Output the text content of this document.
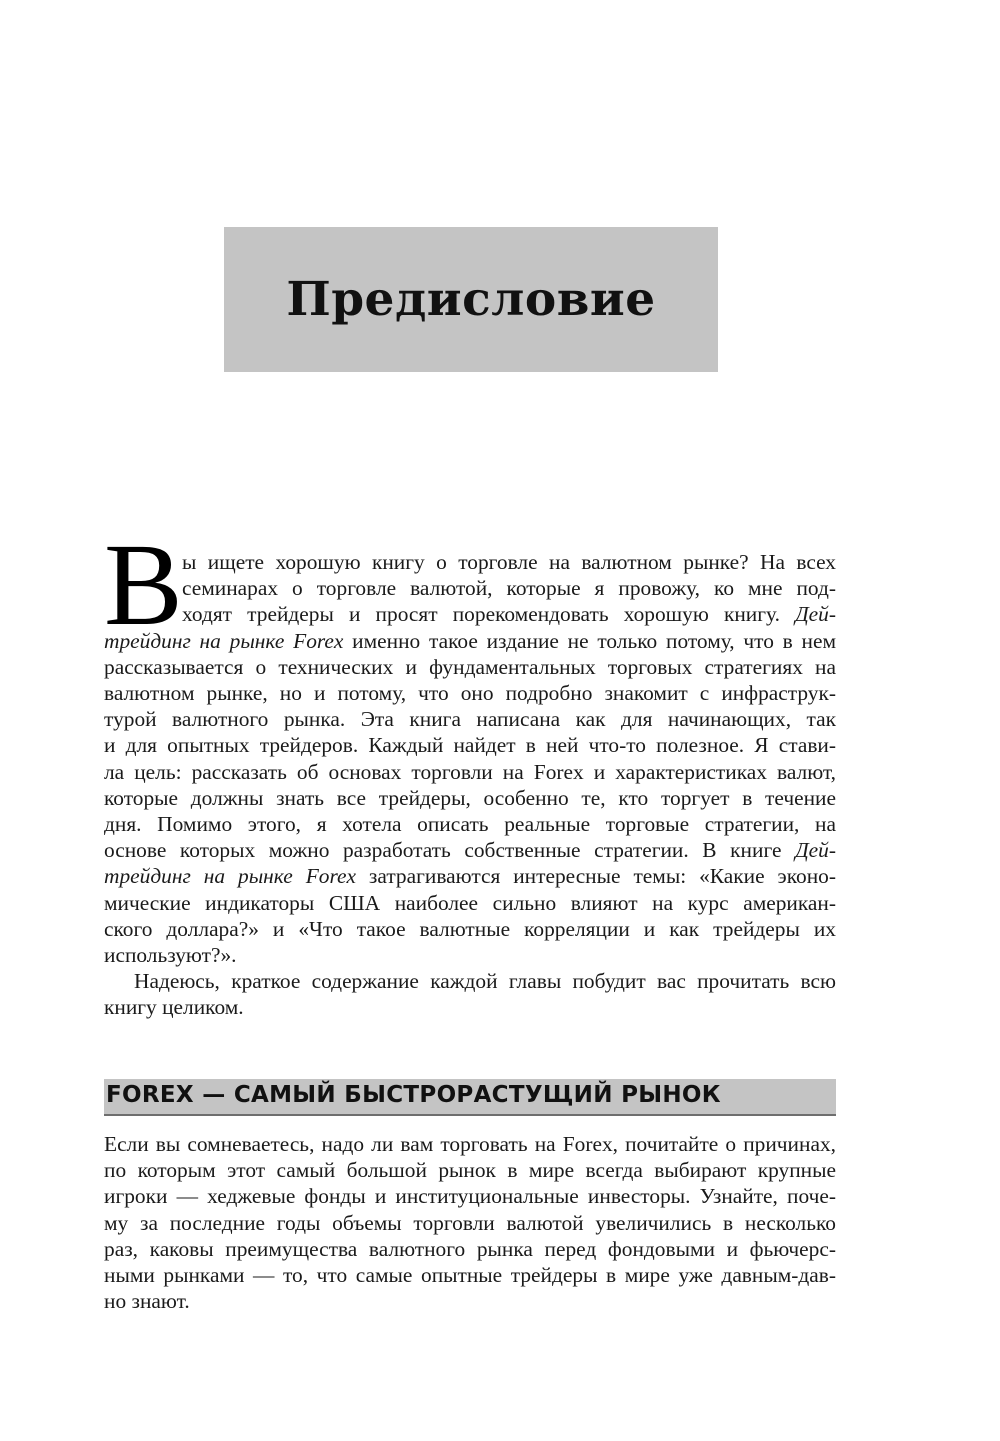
Предисловие
В ы ищете хорошую книгу о торговле на валютном рынке? На всех
семинарах о торговле валютой, которые я провожу, ко мне под-
ходят трейдеры и просят порекомендовать хорошую книгу. Дей-
трейдинг на рынке Forex именно такое издание не только потому, что в нем
рассказывается о технических и фундаментальных торговых стратегиях на
валютном рынке, но и потому, что оно подробно знакомит с инфраструк-
турой валютного рынка. Эта книга написана как для начинающих, так
и для опытных трейдеров. Каждый найдет в ней что-то полезное. Я стави-
ла цель: рассказать об основах торговли на Forex и характеристиках валют,
которые должны знать все трейдеры, особенно те, кто торгует в течение
дня. Помимо этого, я хотела описать реальные торговые стратегии, на
основе которых можно разработать собственные стратегии. В книге Дей-
трейдинг на рынке Forex затрагиваются интересные темы: «Какие эконо-
мические индикаторы США наиболее сильно влияют на курс американ-
ского доллара?» и «Что такое валютные корреляции и как трейдеры их
используют?».
Надеюсь, краткое содержание каждой главы побудит вас прочитать всю
книгу целиком.
FOREX — САМЫЙ БЫСТРОРАСТУЩИЙ РЫНОК
Если вы сомневаетесь, надо ли вам торговать на Forex, почитайте о причинах,
по которым этот самый большой рынок в мире всегда выбирают крупные
игроки — хеджевые фонды и институциональные инвесторы. Узнайте, поче-
му за последние годы объемы торговли валютой увеличились в несколько
раз, каковы преимущества валютного рынка перед фондовыми и фьючерс-
ными рынками — то, что самые опытные трейдеры в мире уже давным-дав-
но знают.
